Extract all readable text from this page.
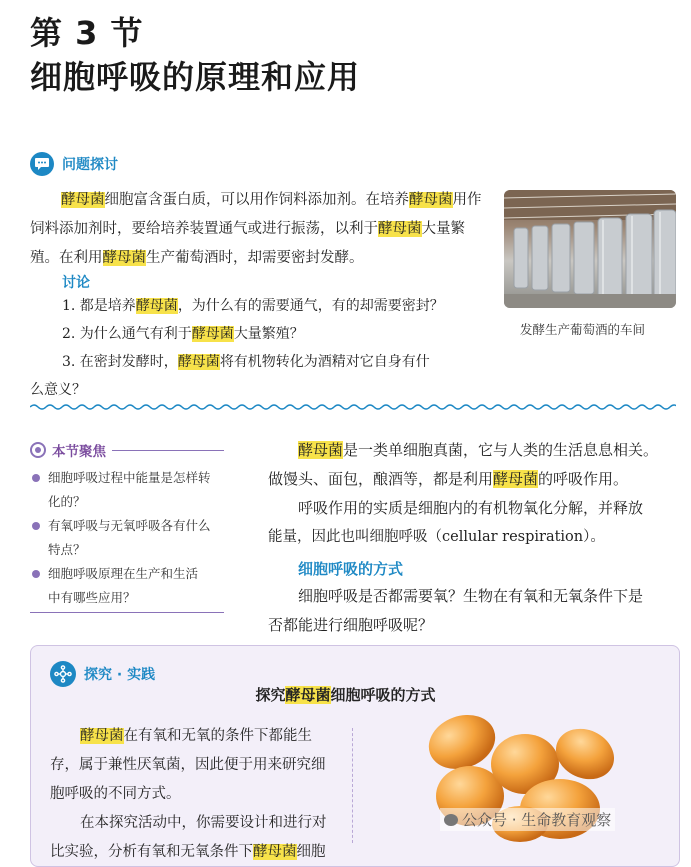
第 3 节
细胞呼吸的原理和应用
问题探讨
酵母菌细胞富含蛋白质，可以用作饲料添加剂。在培养酵母菌用作饲料添加剂时，要给培养装置通气或进行振荡，以利于酵母菌大量繁殖。在利用酵母菌生产葡萄酒时，却需要密封发酵。
讨论
1. 都是培养酵母菌，为什么有的需要通气，有的却需要密封？
2. 为什么通气有利于酵母菌大量繁殖？
3. 在密封发酵时，酵母菌将有机物转化为酒精对它自身有什
么意义？
发酵生产葡萄酒的车间
本节聚焦
细胞呼吸过程中能量是怎样转
化的？
有氧呼吸与无氧呼吸各有什么
特点？
细胞呼吸原理在生产和生活
中有哪些应用？
酵母菌是一类单细胞真菌，它与人类的生活息息相关。
做馒头、面包，酿酒等，都是利用酵母菌的呼吸作用。
呼吸作用的实质是细胞内的有机物氧化分解，并释放
能量，因此也叫细胞呼吸（cellular respiration）。
细胞呼吸的方式
细胞呼吸是否都需要氧？生物在有氧和无氧条件下是
否都能进行细胞呼吸呢？
探究 · 实践
探究酵母菌细胞呼吸的方式
酵母菌在有氧和无氧的条件下都能生
存，属于兼性厌氧菌，因此便于用来研究细
胞呼吸的不同方式。
在本探究活动中，你需要设计和进行对
比实验，分析有氧和无氧条件下酵母菌细胞
公众号 · 生命教育观察
